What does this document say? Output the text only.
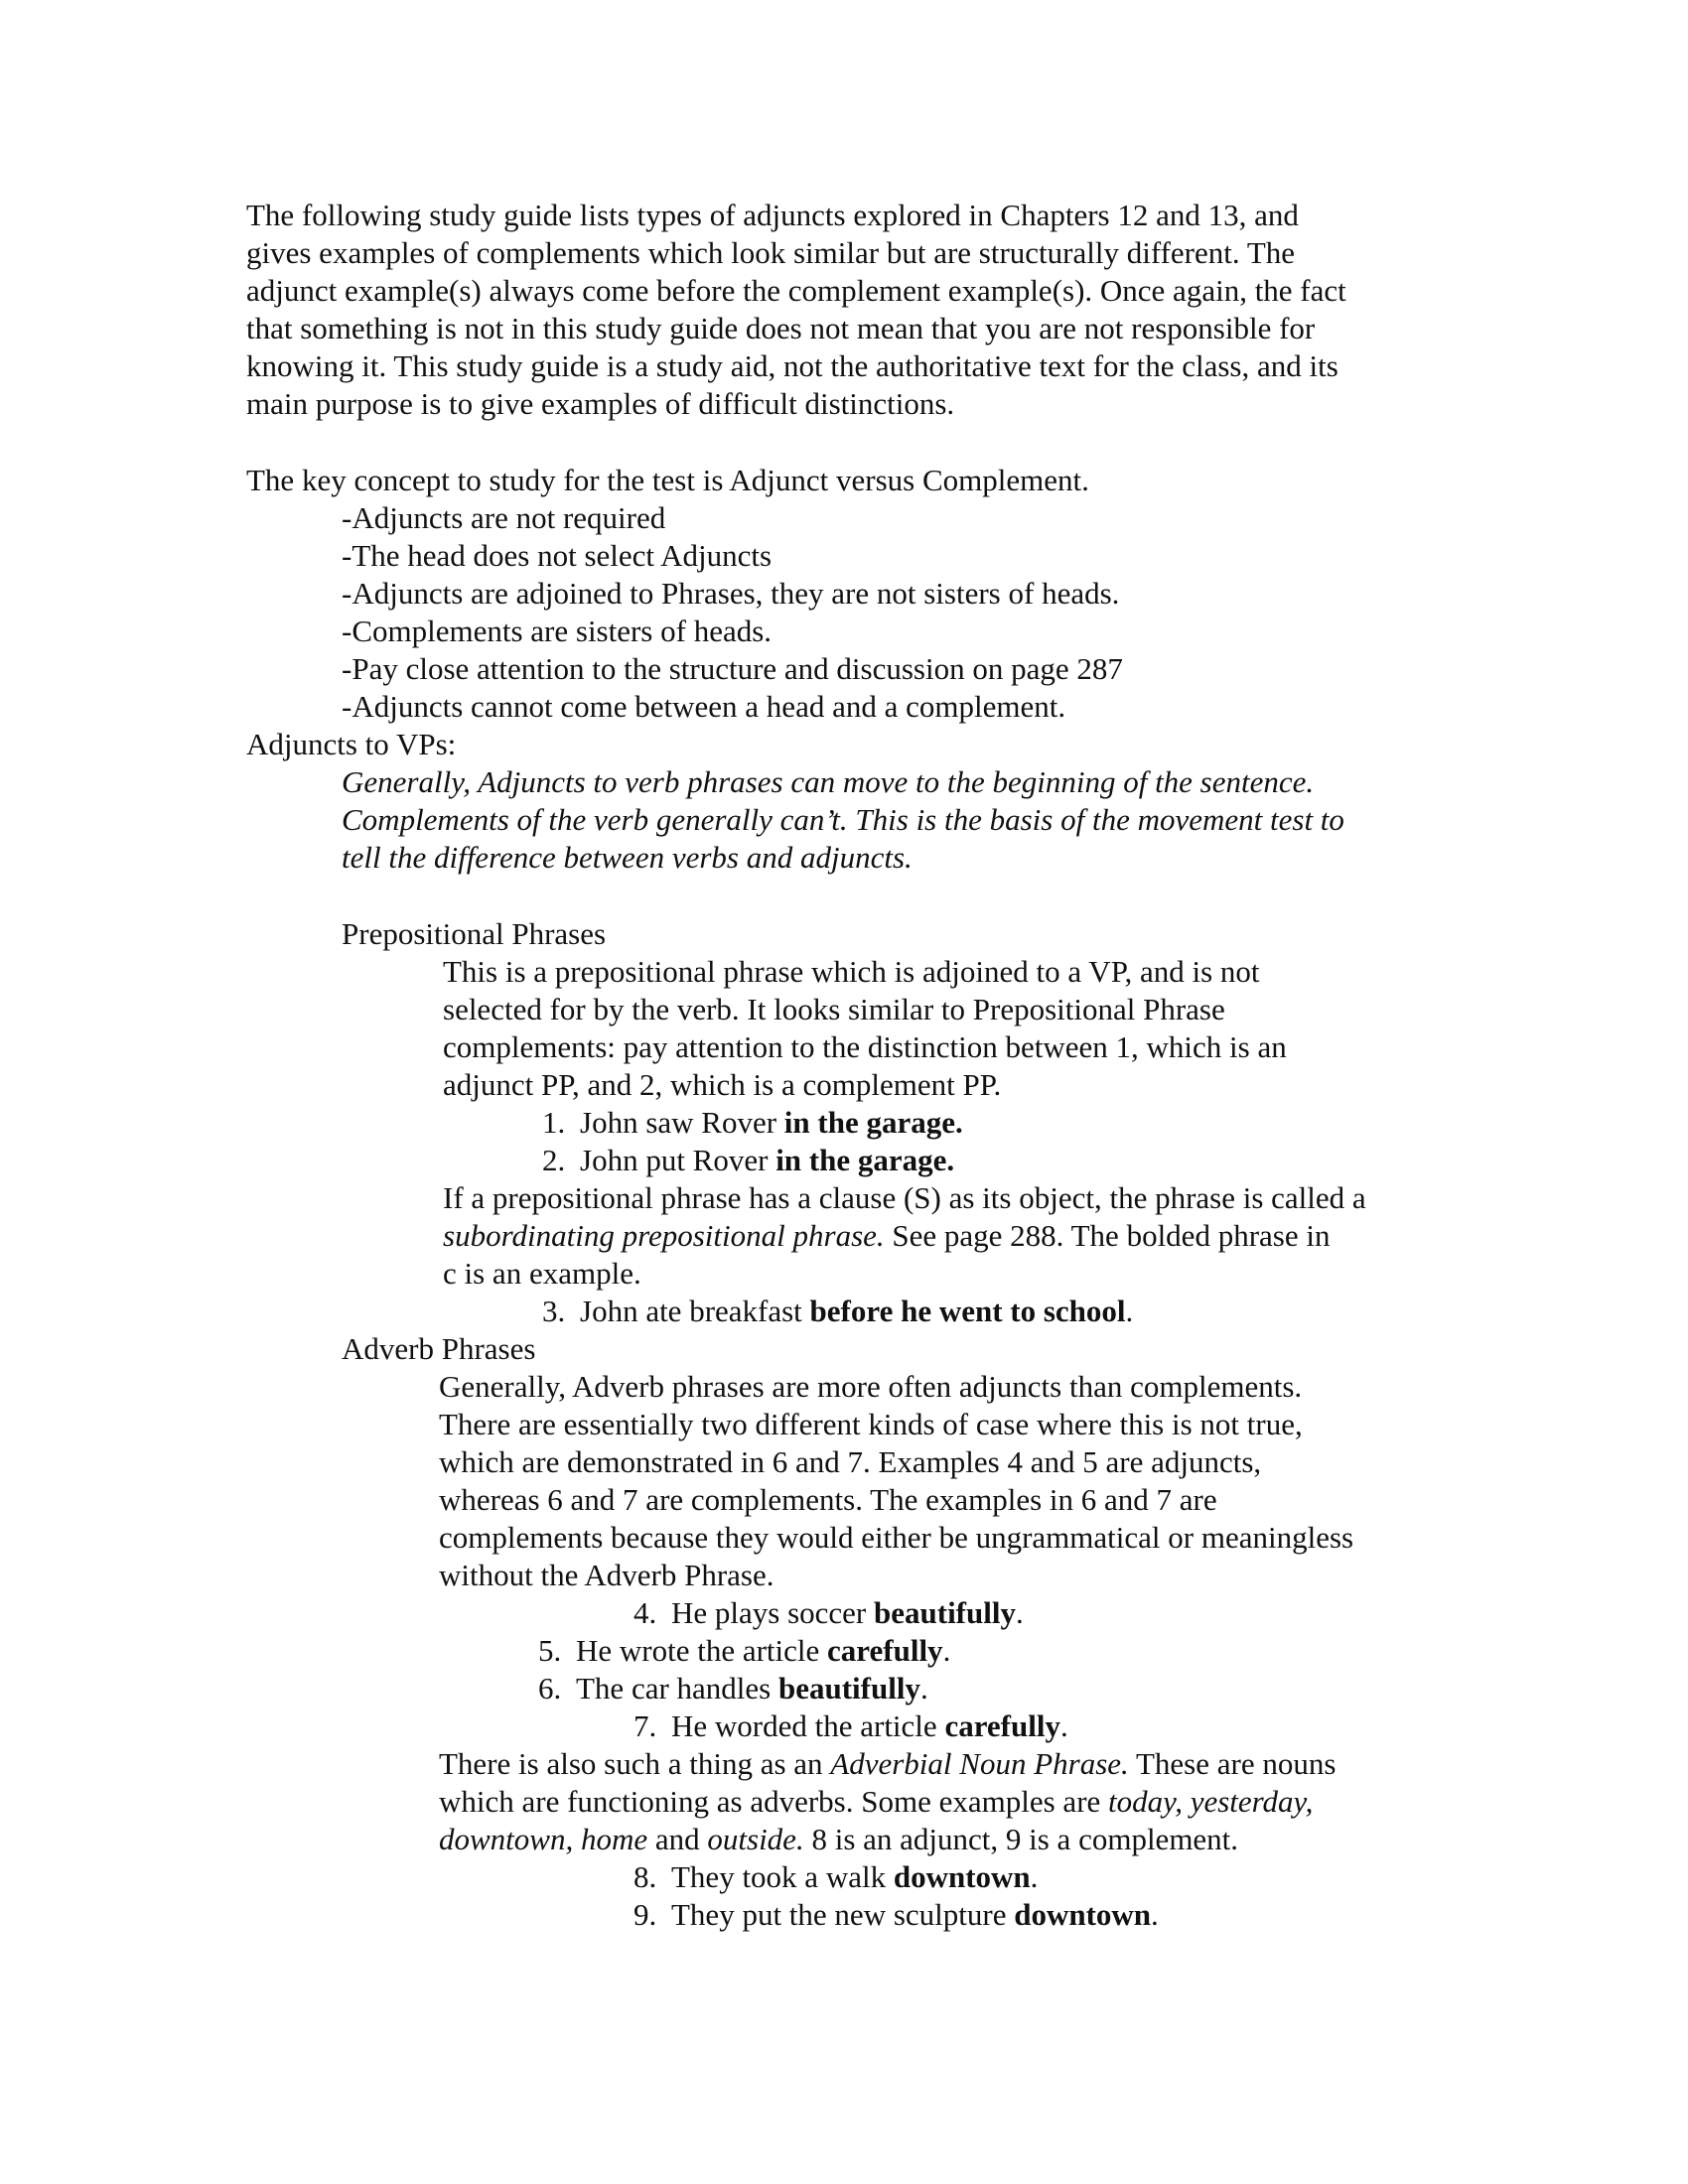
The following study guide lists types of adjuncts explored in Chapters 12 and 13, and
gives examples of complements which look similar but are structurally different. The
adjunct example(s) always come before the complement example(s). Once again, the fact
that something is not in this study guide does not mean that you are not responsible for
knowing it. This study guide is a study aid, not the authoritative text for the class, and its
main purpose is to give examples of difficult distinctions.
The key concept to study for the test is Adjunct versus Complement.
-Adjuncts are not required
-The head does not select Adjuncts
-Adjuncts are adjoined to Phrases, they are not sisters of heads.
-Complements are sisters of heads.
-Pay close attention to the structure and discussion on page 287
-Adjuncts cannot come between a head and a complement.
Adjuncts to VPs:
Generally, Adjuncts to verb phrases can move to the beginning of the sentence.
Complements of the verb generally can’t. This is the basis of the movement test to
tell the difference between verbs and adjuncts.
Prepositional Phrases
This is a prepositional phrase which is adjoined to a VP, and is not
selected for by the verb. It looks similar to Prepositional Phrase
complements: pay attention to the distinction between 1, which is an
adjunct PP, and 2, which is a complement PP.
1. John saw Rover in the garage.
2. John put Rover in the garage.
If a prepositional phrase has a clause (S) as its object, the phrase is called a
subordinating prepositional phrase. See page 288. The bolded phrase in
c is an example.
3. John ate breakfast before he went to school.
Adverb Phrases
Generally, Adverb phrases are more often adjuncts than complements.
There are essentially two different kinds of case where this is not true,
which are demonstrated in 6 and 7. Examples 4 and 5 are adjuncts,
whereas 6 and 7 are complements. The examples in 6 and 7 are
complements because they would either be ungrammatical or meaningless
without the Adverb Phrase.
4. He plays soccer beautifully.
5. He wrote the article carefully.
6. The car handles beautifully.
7. He worded the article carefully.
There is also such a thing as an Adverbial Noun Phrase. These are nouns
which are functioning as adverbs. Some examples are today, yesterday,
downtown, home and outside. 8 is an adjunct, 9 is a complement.
8. They took a walk downtown.
9. They put the new sculpture downtown.
